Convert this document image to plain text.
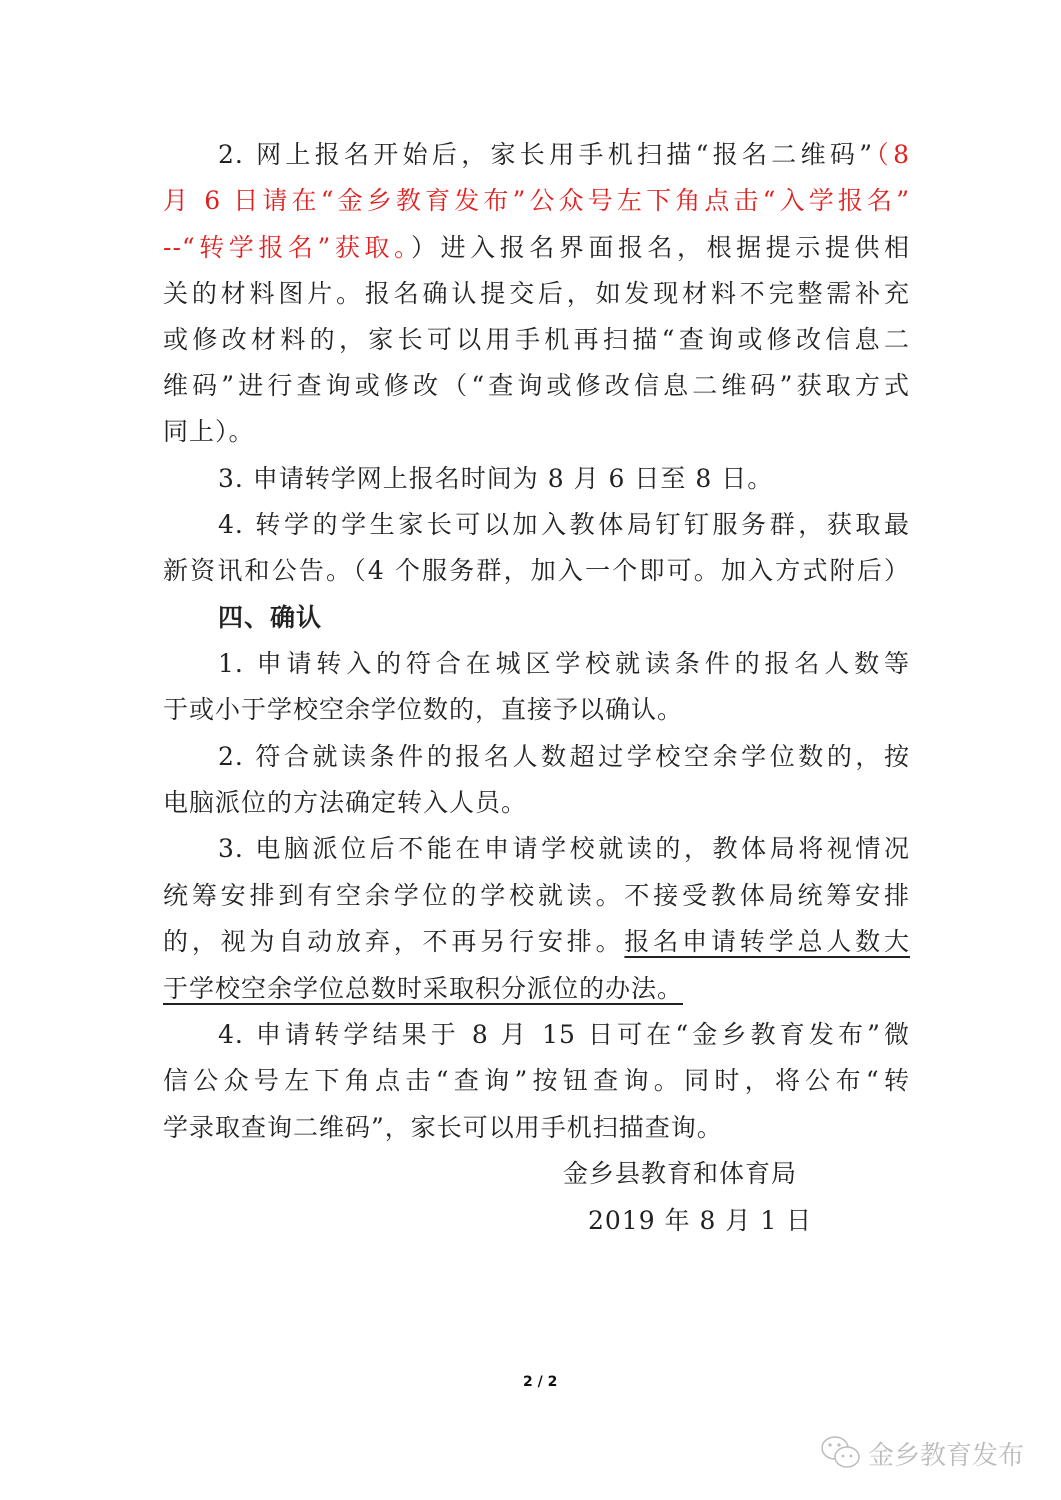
2. 网上报名开始后，家长用手机扫描“报名二维码”（8
月 6 日请在“金乡教育发布”公众号左下角点击“入学报名”
--“转学报名”获取。）进入报名界面报名，根据提示提供相
关的材料图片。报名确认提交后，如发现材料不完整需补充
或修改材料的，家长可以用手机再扫描“查询或修改信息二
维码”进行查询或修改（“查询或修改信息二维码”获取方式
同上）。
3. 申请转学网上报名时间为 8 月 6 日至 8 日。
4. 转学的学生家长可以加入教体局钉钉服务群，获取最
新资讯和公告。（4 个服务群，加入一个即可。加入方式附后）
四、确认
1. 申请转入的符合在城区学校就读条件的报名人数等
于或小于学校空余学位数的，直接予以确认。
2. 符合就读条件的报名人数超过学校空余学位数的，按
电脑派位的方法确定转入人员。
3. 电脑派位后不能在申请学校就读的，教体局将视情况
统筹安排到有空余学位的学校就读。不接受教体局统筹安排
的，视为自动放弃，不再另行安排。报名申请转学总人数大
于学校空余学位总数时采取积分派位的办法。
4. 申请转学结果于 8 月 15 日可在“金乡教育发布”微
信公众号左下角点击“查询”按钮查询。同时，将公布“转
学录取查询二维码”，家长可以用手机扫描查询。
金乡县教育和体育局
2019 年 8 月 1 日
2 / 2
金乡教育发布
